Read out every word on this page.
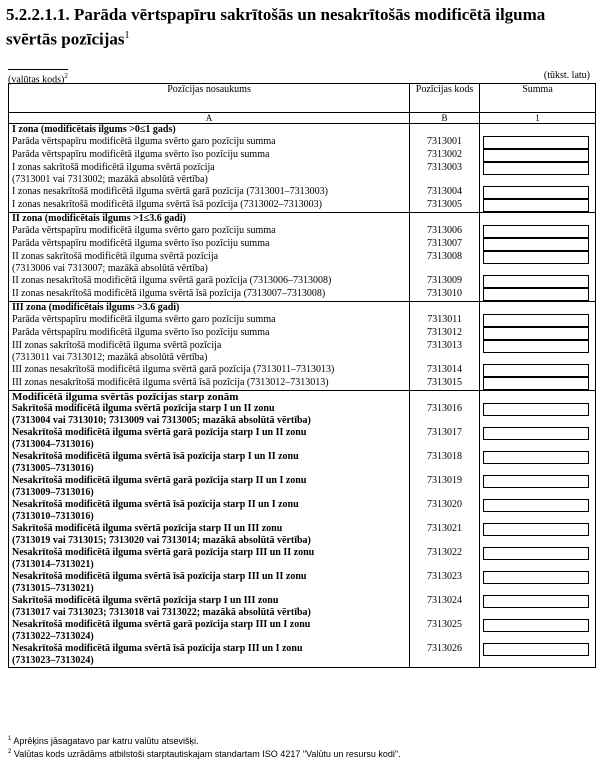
5.2.2.1.1. Parāda vērtspapīru sakrītošās un nesakrītošās modificētā ilguma svērtās pozīcijas$^1$
(valūtas kods)$^2$	(tūkst. latu)
Pozīcijas nosaukums	Pozīcijas kods	Summa
A	B	1
I zona (modificētais ilgums >0≤1 gads)		

Parāda vērtspapīru modificētā ilguma svērto garo pozīciju summa	7313001	

Parāda vērtspapīru modificētā ilguma svērto īso pozīciju summa	7313002	

I zonas sakrītošā modificētā ilguma svērtā pozīcija
(7313001 vai 7313002; mazākā absolūtā vērtība)	7313003	

I zonas nesakrītošā modificētā ilguma svērtā garā pozīcija (7313001–7313003)	7313004	

I zonas nesakrītošā modificētā ilguma svērtā īsā pozīcija (7313002–7313003)	7313005	

II zona (modificētais ilgums >1≤3.6 gadi)		

Parāda vērtspapīru modificētā ilguma svērto garo pozīciju summa	7313006	

Parāda vērtspapīru modificētā ilguma svērto īso pozīciju summa	7313007	

II zonas sakrītošā modificētā ilguma svērtā pozīcija
(7313006 vai 7313007; mazākā absolūtā vērtība)	7313008	

II zonas nesakrītošā modificētā ilguma svērtā garā pozīcija (7313006–7313008)	7313009	

II zonas nesakrītošā modificētā ilguma svērtā īsā pozīcija (7313007–7313008)	7313010	

III zona (modificētais ilgums >3.6 gadi)		

Parāda vērtspapīru modificētā ilguma svērto garo pozīciju summa	7313011	

Parāda vērtspapīru modificētā ilguma svērto īso pozīciju summa	7313012	

III zonas sakrītošā modificētā ilguma svērtā pozīcija
(7313011 vai 7313012; mazākā absolūtā vērtība)	7313013	

III zonas nesakrītošā modificētā ilguma svērtā garā pozīcija (7313011–7313013)	7313014	

III zonas nesakrītošā modificētā ilguma svērtā īsā pozīcija (7313012–7313013)	7313015	

Modificētā ilguma svērtās pozīcijas starp zonām		

Sakrītošā modificētā ilguma svērtā pozīcija starp I un II zonu
(7313004 vai 7313010; 7313009 vai 7313005; mazākā absolūtā vērtība)	7313016	

Nesakrītošā modificētā ilguma svērtā garā pozīcija starp I un II zonu
(7313004–7313016)	7313017	

Nesakrītošā modificētā ilguma svērtā īsā pozīcija starp I un II zonu
(7313005–7313016)	7313018	

Nesakrītošā modificētā ilguma svērtā garā pozīcija starp II un I zonu
(7313009–7313016)	7313019	

Nesakrītošā modificētā ilguma svērtā īsā pozīcija starp II un I zonu
(7313010–7313016)	7313020	

Sakrītošā modificētā ilguma svērtā pozīcija starp II un III zonu
(7313019 vai 7313015; 7313020 vai 7313014; mazākā absolūtā vērtība)	7313021	

Nesakrītošā modificētā ilguma svērtā garā pozīcija starp III un II zonu
(7313014–7313021)	7313022	

Nesakrītošā modificētā ilguma svērtā īsā pozīcija starp III un II zonu
(7313015–7313021)	7313023	

Sakrītošā modificētā ilguma svērtā pozīcija starp I un III zonu
(7313017 vai 7313023; 7313018 vai 7313022; mazākā absolūtā vērtība)	7313024	

Nesakrītošā modificētā ilguma svērtā garā pozīcija starp III un I zonu
(7313022–7313024)	7313025	

Nesakrītošā modificētā ilguma svērtā īsā pozīcija starp III un I zonu
(7313023–7313024)	7313026	
$^1$ Aprēķins jāsagatavo par katru valūtu atsevišķi.
$^2$ Valūtas kods uzrādāms atbilstoši starptautiskajam standartam ISO 4217 "Valūtu un resursu kodi".
